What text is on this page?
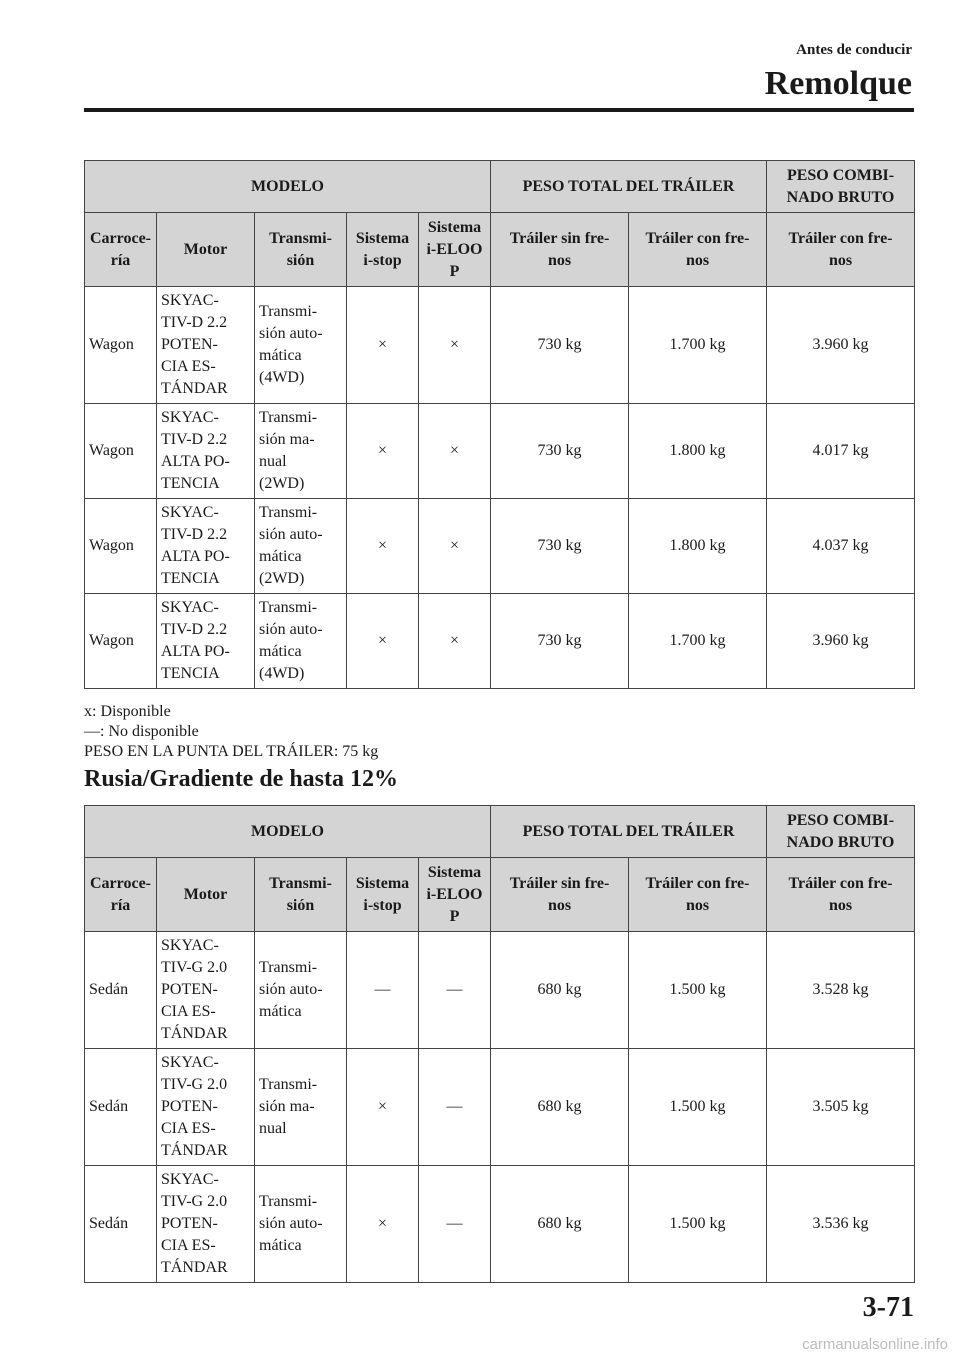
Antes de conducir
Remolque
MODELO					PESO TOTAL DEL TRÁILER		PESO COMBI-
NADO BRUTO
Carroce-
ría	Motor	Transmi-
sión	Sistema
i-stop	Sistema
i-ELOO
P	Tráiler sin fre-
nos	Tráiler con fre-
nos	Tráiler con fre-
nos
Wagon	SKYAC-
TIV-D 2.2
POTEN-
CIA ES-
TÁNDAR	Transmi-
sión auto-
mática
(4WD)	×	×	730 kg	1.700 kg	3.960 kg
Wagon	SKYAC-
TIV-D 2.2
ALTA PO-
TENCIA	Transmi-
sión ma-
nual
(2WD)	×	×	730 kg	1.800 kg	4.017 kg
Wagon	SKYAC-
TIV-D 2.2
ALTA PO-
TENCIA	Transmi-
sión auto-
mática
(2WD)	×	×	730 kg	1.800 kg	4.037 kg
Wagon	SKYAC-
TIV-D 2.2
ALTA PO-
TENCIA	Transmi-
sión auto-
mática
(4WD)	×	×	730 kg	1.700 kg	3.960 kg
x: Disponible
―: No disponible
PESO EN LA PUNTA DEL TRÁILER: 75 kg
Rusia/Gradiente de hasta 12%
MODELO					PESO TOTAL DEL TRÁILER		PESO COMBI-
NADO BRUTO
Carroce-
ría	Motor	Transmi-
sión	Sistema
i-stop	Sistema
i-ELOO
P	Tráiler sin fre-
nos	Tráiler con fre-
nos	Tráiler con fre-
nos
Sedán	SKYAC-
TIV-G 2.0
POTEN-
CIA ES-
TÁNDAR	Transmi-
sión auto-
mática	―	―	680 kg	1.500 kg	3.528 kg
Sedán	SKYAC-
TIV-G 2.0
POTEN-
CIA ES-
TÁNDAR	Transmi-
sión ma-
nual	×	―	680 kg	1.500 kg	3.505 kg
Sedán	SKYAC-
TIV-G 2.0
POTEN-
CIA ES-
TÁNDAR	Transmi-
sión auto-
mática	×	―	680 kg	1.500 kg	3.536 kg
3-71
carmanualsonline.info
